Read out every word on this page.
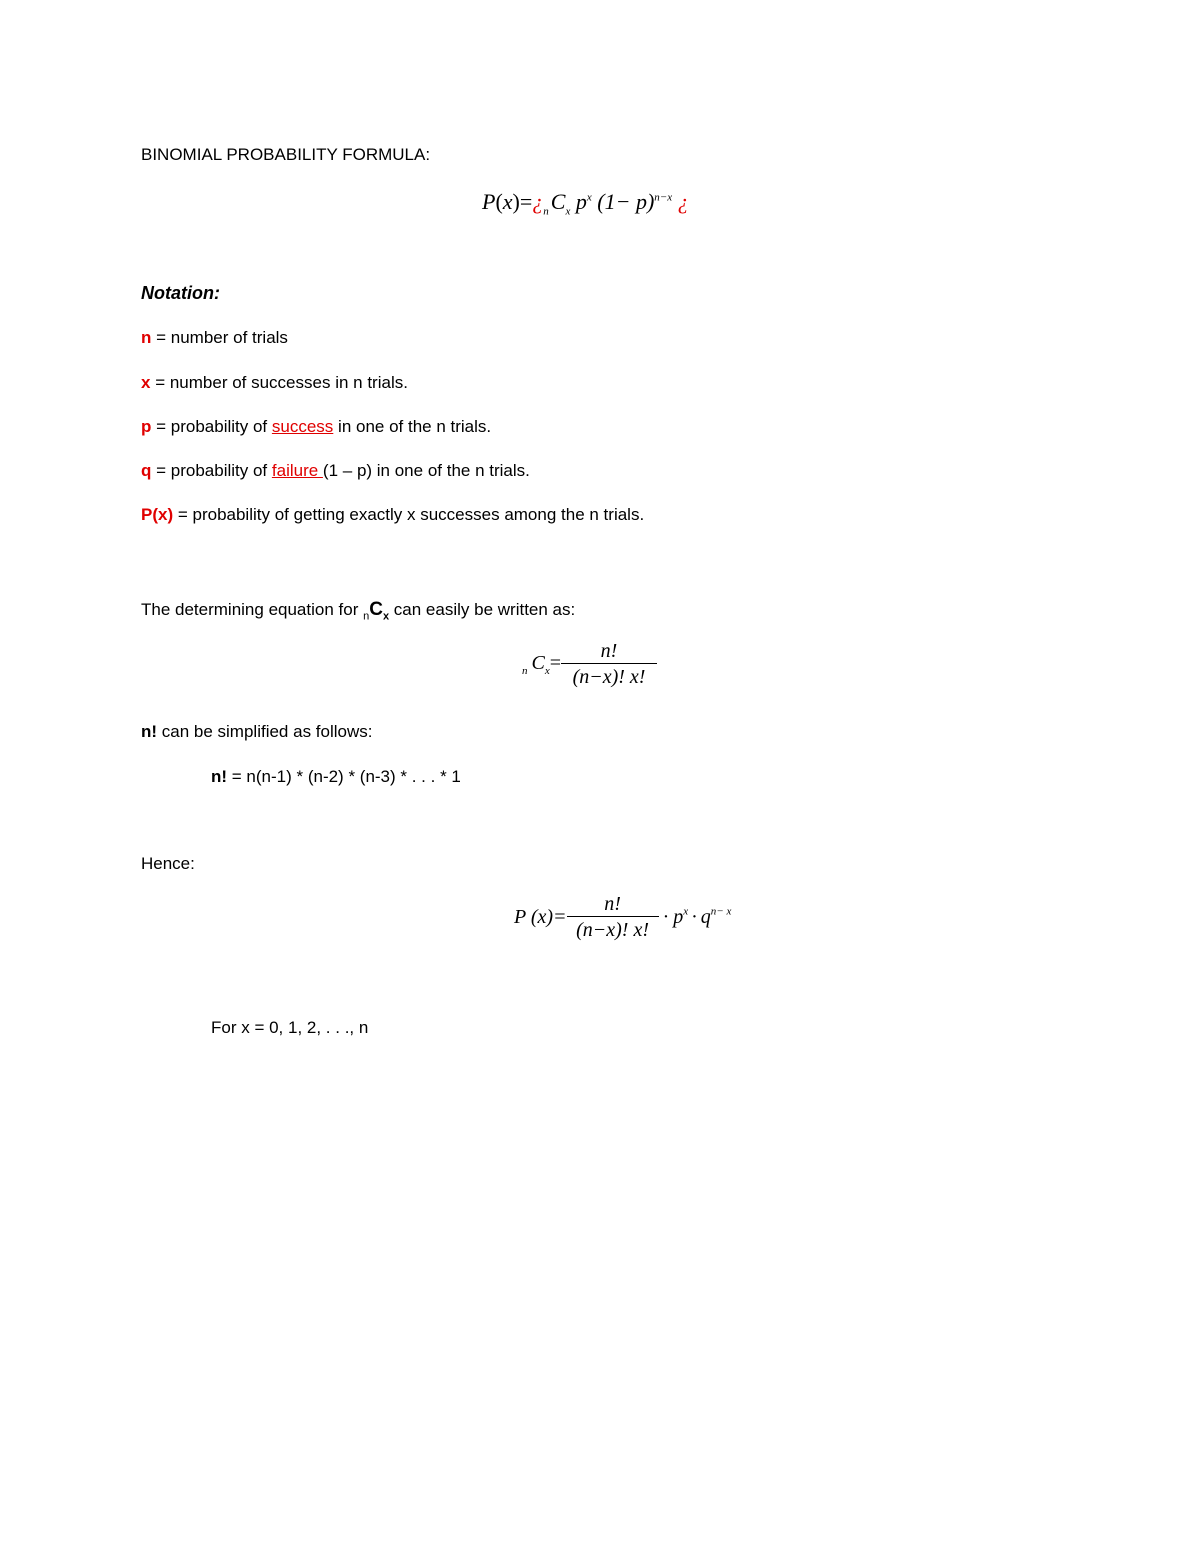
BINOMIAL PROBABILITY FORMULA:
$P(x)=¿_nC_x$ $p^x$ $(1- p)^{n-x}$ ¿
Notation:
n = number of trials
x = number of successes in n trials.
p = probability of success in one of the n trials.
q = probability of failure (1 – p) in one of the n trials.
P(x) = probability of getting exactly x successes among the n trials.
The determining equation for $_nC_x$ can easily be written as:
$_n$ $C_x= \frac{n!}{(n-x)! x!}$
n! can be simplified as follows:
n! = n(n-1) * (n-2) * (n-3) * . . . * 1
Hence:
P $(x)= \frac{n!}{(n-x)! x!} \cdot p^x \cdot q^{n- x}$
For x = 0, 1, 2, . . ., n
